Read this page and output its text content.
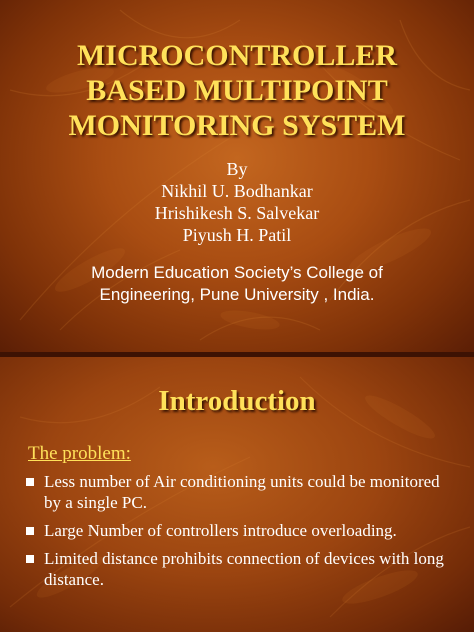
MICROCONTROLLER
BASED MULTIPOINT
MONITORING SYSTEM
By
Nikhil U. Bodhankar
Hrishikesh S. Salvekar
Piyush H. Patil
Modern Education Society’s College of
Engineering, Pune University , India.
Introduction
The problem:
Less number of Air conditioning units could be monitored by a single PC.
Large Number of controllers introduce overloading.
Limited distance prohibits connection of devices with long distance.
